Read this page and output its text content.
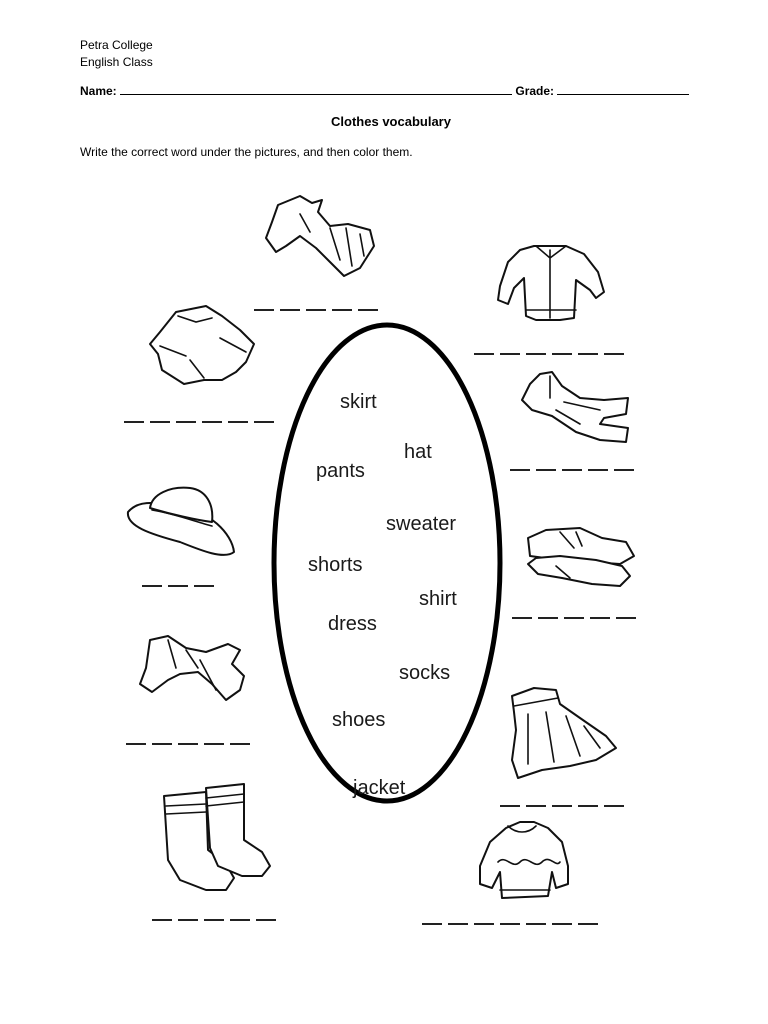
Petra College
English Class
Name:	Grade:
Clothes vocabulary
Write the correct word under the pictures, and then color them.
skirt
hat
pants
sweater
shorts
shirt
dress
socks
shoes
jacket
